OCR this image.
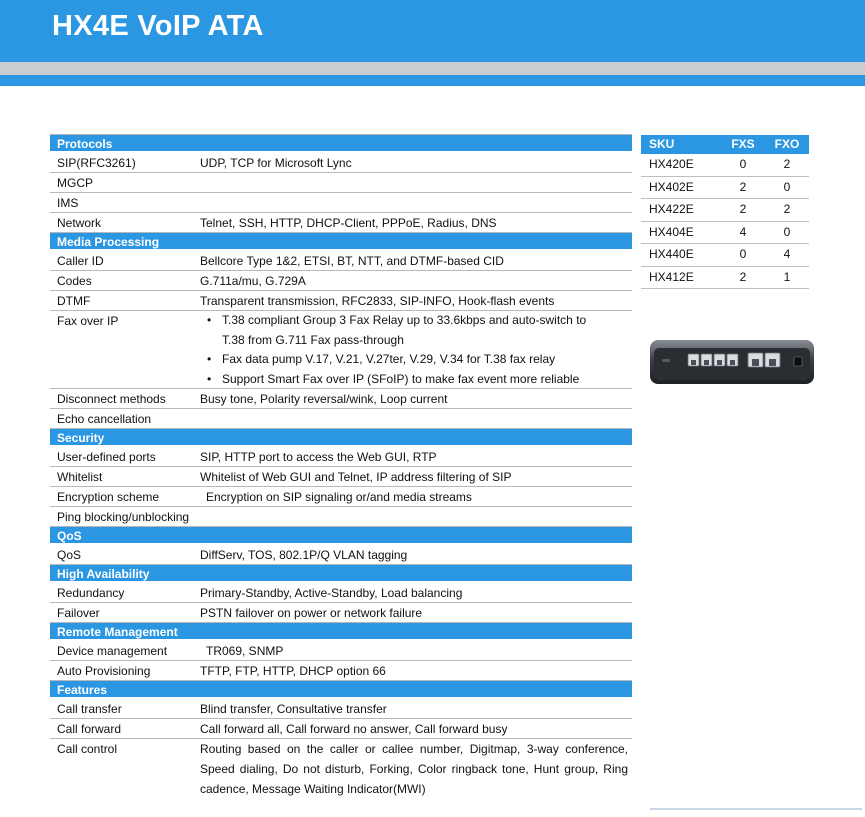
HX4E VoIP ATA
Protocols
SIP(RFC3261)	UDP, TCP for Microsoft Lync
MGCP
IMS
Network	Telnet, SSH, HTTP, DHCP-Client, PPPoE, Radius, DNS
Media Processing
Caller ID	Bellcore Type 1&2, ETSI, BT, NTT, and DTMF-based CID
Codes	G.711a/mu, G.729A
DTMF	Transparent transmission, RFC2833, SIP-INFO, Hook-flash events
Fax over IP
•	T.38 compliant Group 3 Fax Relay up to 33.6kbps and auto-switch to
T.38 from G.711 Fax pass-through
• Fax data pump V.17, V.21, V.27ter, V.29, V.34 for T.38 fax relay
• Support Smart Fax over IP (SFoIP) to make fax event more reliable
Disconnect methods	Busy tone, Polarity reversal/wink, Loop current
Echo cancellation
Security
User-defined ports	SIP, HTTP port to access the Web GUI, RTP
Whitelist	Whitelist of Web GUI and Telnet, IP address filtering of SIP
Encryption scheme	Encryption on SIP signaling or/and media streams
Ping blocking/unblocking
QoS
QoS	DiffServ, TOS, 802.1P/Q VLAN tagging
High Availability
Redundancy	Primary-Standby, Active-Standby, Load balancing
Failover	PSTN failover on power or network failure
Remote Management
Device management	TR069, SNMP
Auto Provisioning	TFTP, FTP, HTTP, DHCP option 66
Features
Call transfer	Blind transfer, Consultative transfer
Call forward	Call forward all, Call forward no answer, Call forward busy
Call control	Routing based on the caller or callee number, Digitmap, 3-way conference, Speed dialing, Do not disturb, Forking, Color ringback tone, Hunt group, Ring cadence, Message Waiting Indicator(MWI)
SKU	FXS	FXO
HX420E	0	2
HX402E	2	0
HX422E	2	2
HX404E	4	0
HX440E	0	4
HX412E	2	1
